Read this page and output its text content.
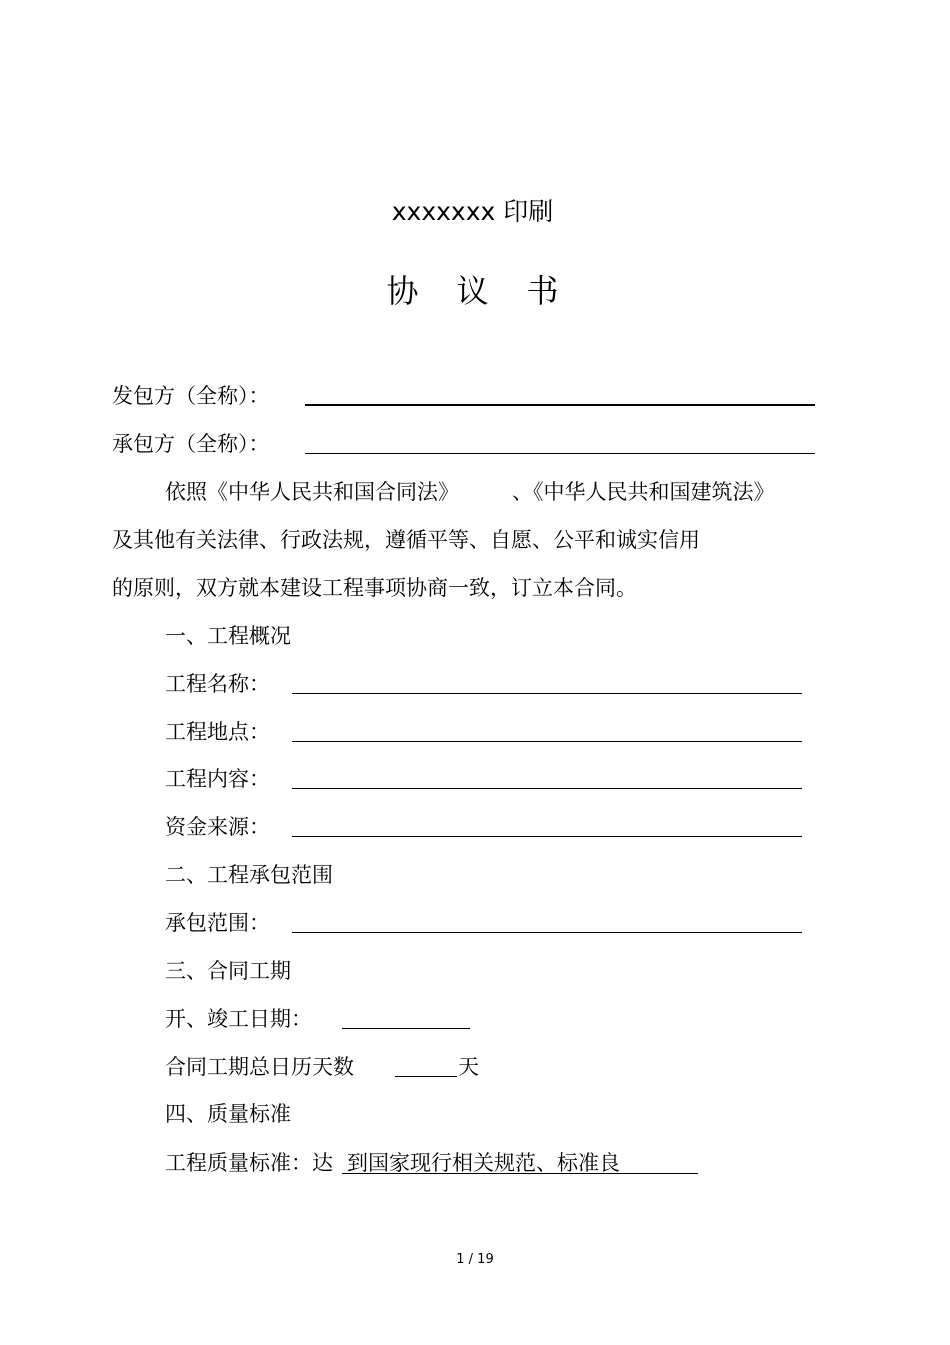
xxxxxxx 印刷
协议书
发包方（全称）：
承包方（全称）：
依照《中华人民共和国合同法》	、《中华人民共和国建筑法》
及其他有关法律、行政法规，遵循平等、自愿、公平和诚实信用
的原则，双方就本建设工程事项协商一致，订立本合同。
一、工程概况
工程名称：
工程地点：
工程内容：
资金来源：
二、工程承包范围
承包范围：
三、合同工期
开、竣工日期：
合同工期总日历天数	天
四、质量标准
工程质量标准：达 到国家现行相关规范、标准良
1 / 19
